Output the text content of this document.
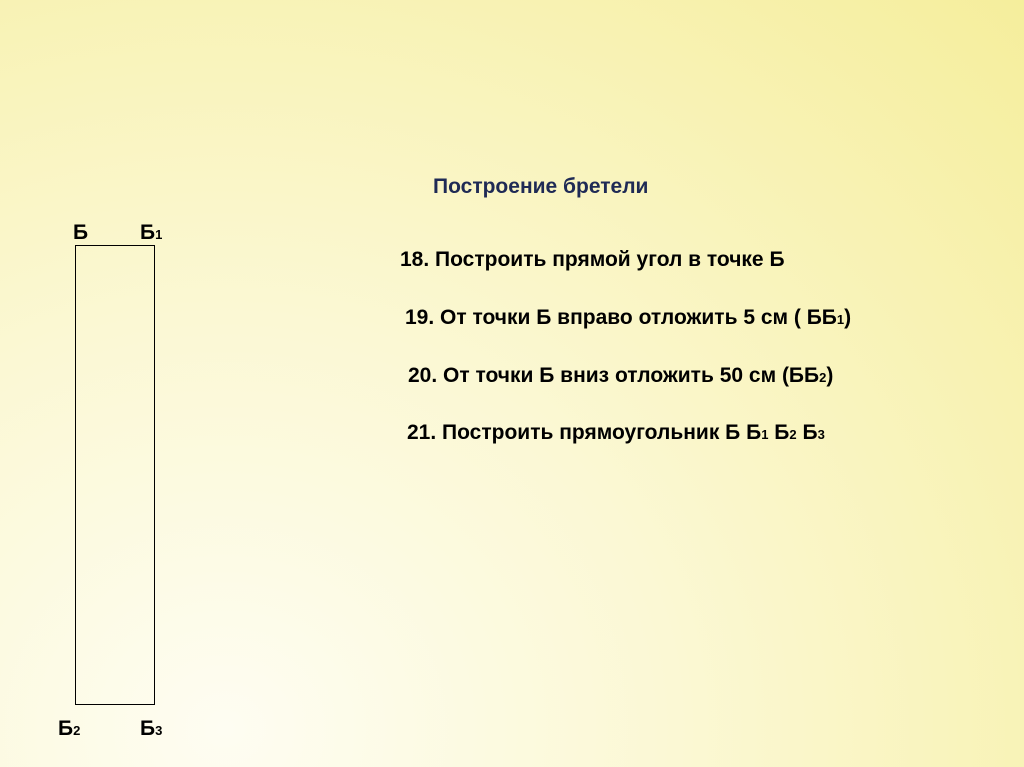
Построение бретели
18. Построить прямой угол в точке Б
19. От точки Б вправо отложить 5 см ( ББ1)
20. От точки Б вниз отложить 50 см (ББ2)
21. Построить прямоугольник Б Б1 Б2 Б3
Б Б1
Б2	Б3
